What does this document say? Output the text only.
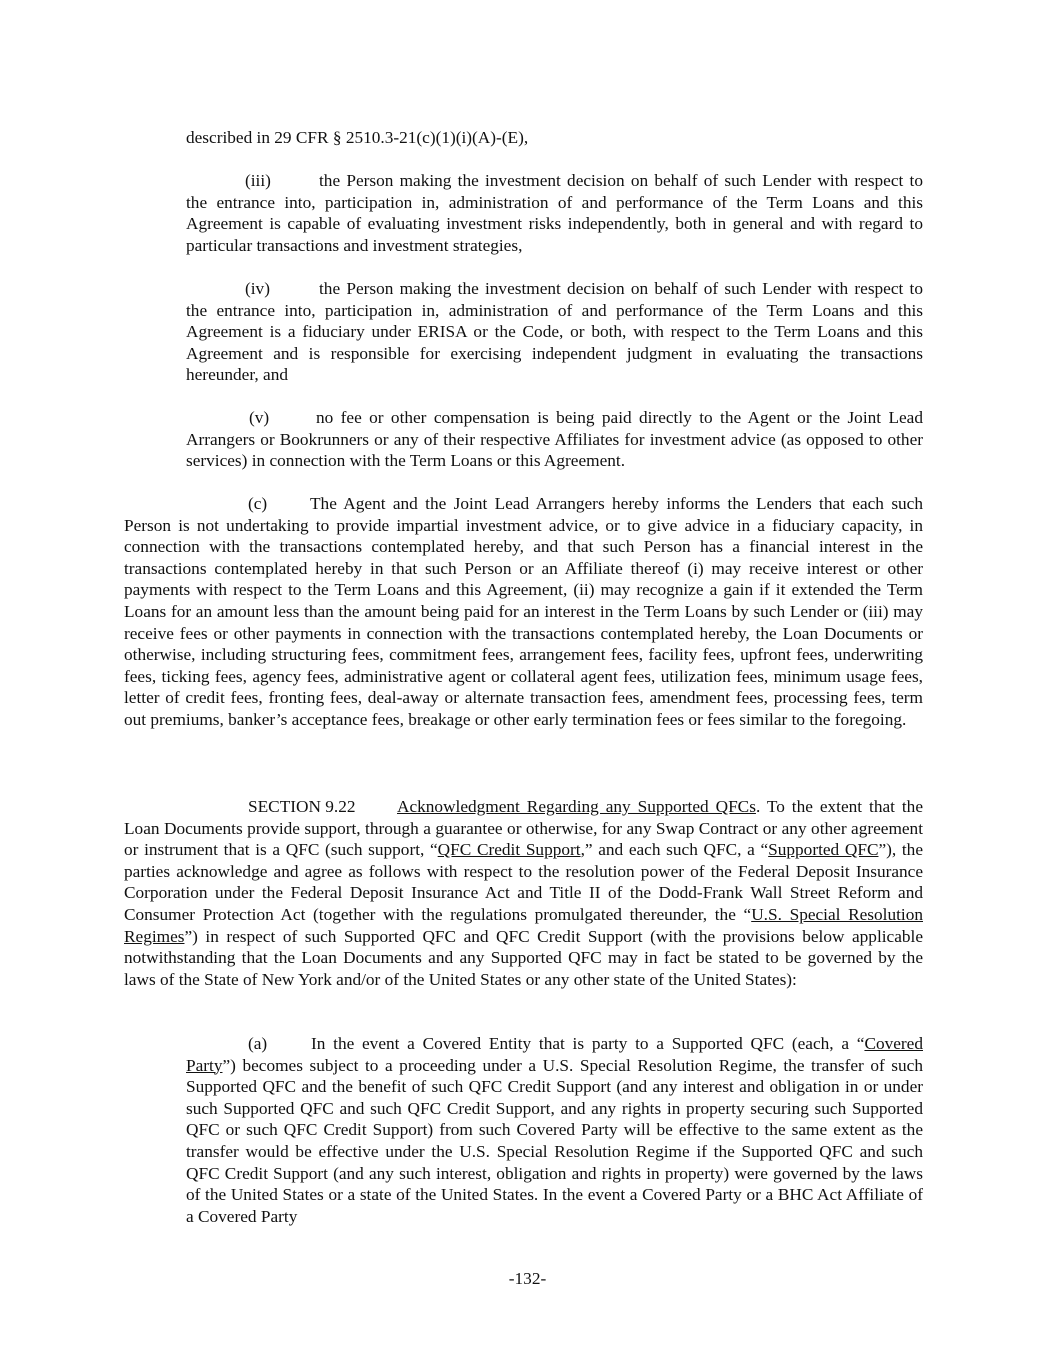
described in 29 CFR § 2510.3-21(c)(1)(i)(A)-(E),

(iii)	the Person making the investment decision on behalf of such Lender with respect to the entrance into, participation in, administration of and performance of the Term Loans and this Agreement is capable of evaluating investment risks independently, both in general and with regard to particular transactions and investment strategies,

(iv)	the Person making the investment decision on behalf of such Lender with respect to the entrance into, participation in, administration of and performance of the Term Loans and this Agreement is a fiduciary under ERISA or the Code, or both, with respect to the Term Loans and this Agreement and is responsible for exercising independent judgment in evaluating the transactions hereunder, and

(v)	no fee or other compensation is being paid directly to the Agent or the Joint Lead Arrangers or Bookrunners or any of their respective Affiliates for investment advice (as opposed to other services) in connection with the Term Loans or this Agreement.

(c) The Agent and the Joint Lead Arrangers hereby informs the Lenders that each such Person is not undertaking to provide impartial investment advice, or to give advice in a fiduciary capacity, in connection with the transactions contemplated hereby, and that such Person has a financial interest in the transactions contemplated hereby in that such Person or an Affiliate thereof (i) may receive interest or other payments with respect to the Term Loans and this Agreement, (ii) may recognize a gain if it extended the Term Loans for an amount less than the amount being paid for an interest in the Term Loans by such Lender or (iii) may receive fees or other payments in connection with the transactions contemplated hereby, the Loan Documents or otherwise, including structuring fees, commitment fees, arrangement fees, facility fees, upfront fees, underwriting fees, ticking fees, agency fees, administrative agent or collateral agent fees, utilization fees, minimum usage fees, letter of credit fees, fronting fees, deal-away or alternate transaction fees, amendment fees, processing fees, term out premiums, banker’s acceptance fees, breakage or other early termination fees or fees similar to the foregoing.

SECTION 9.22 Acknowledgment Regarding any Supported QFCs. To the extent that the Loan Documents provide support, through a guarantee or otherwise, for any Swap Contract or any other agreement or instrument that is a QFC (such support, “QFC Credit Support,” and each such QFC, a “Supported QFC”), the parties acknowledge and agree as follows with respect to the resolution power of the Federal Deposit Insurance Corporation under the Federal Deposit Insurance Act and Title II of the Dodd-Frank Wall Street Reform and Consumer Protection Act (together with the regulations promulgated thereunder, the “U.S. Special Resolution Regimes”) in respect of such Supported QFC and QFC Credit Support (with the provisions below applicable notwithstanding that the Loan Documents and any Supported QFC may in fact be stated to be governed by the laws of the State of New York and/or of the United States or any other state of the United States):

(a)	In the event a Covered Entity that is party to a Supported QFC (each, a “Covered Party”) becomes subject to a proceeding under a U.S. Special Resolution Regime, the transfer of such Supported QFC and the benefit of such QFC Credit Support (and any interest and obligation in or under such Supported QFC and such QFC Credit Support, and any rights in property securing such Supported QFC or such QFC Credit Support) from such Covered Party will be effective to the same extent as the transfer would be effective under the U.S. Special Resolution Regime if the Supported QFC and such QFC Credit Support (and any such interest, obligation and rights in property) were governed by the laws of the United States or a state of the United States. In the event a Covered Party or a BHC Act Affiliate of a Covered Party

-132-
